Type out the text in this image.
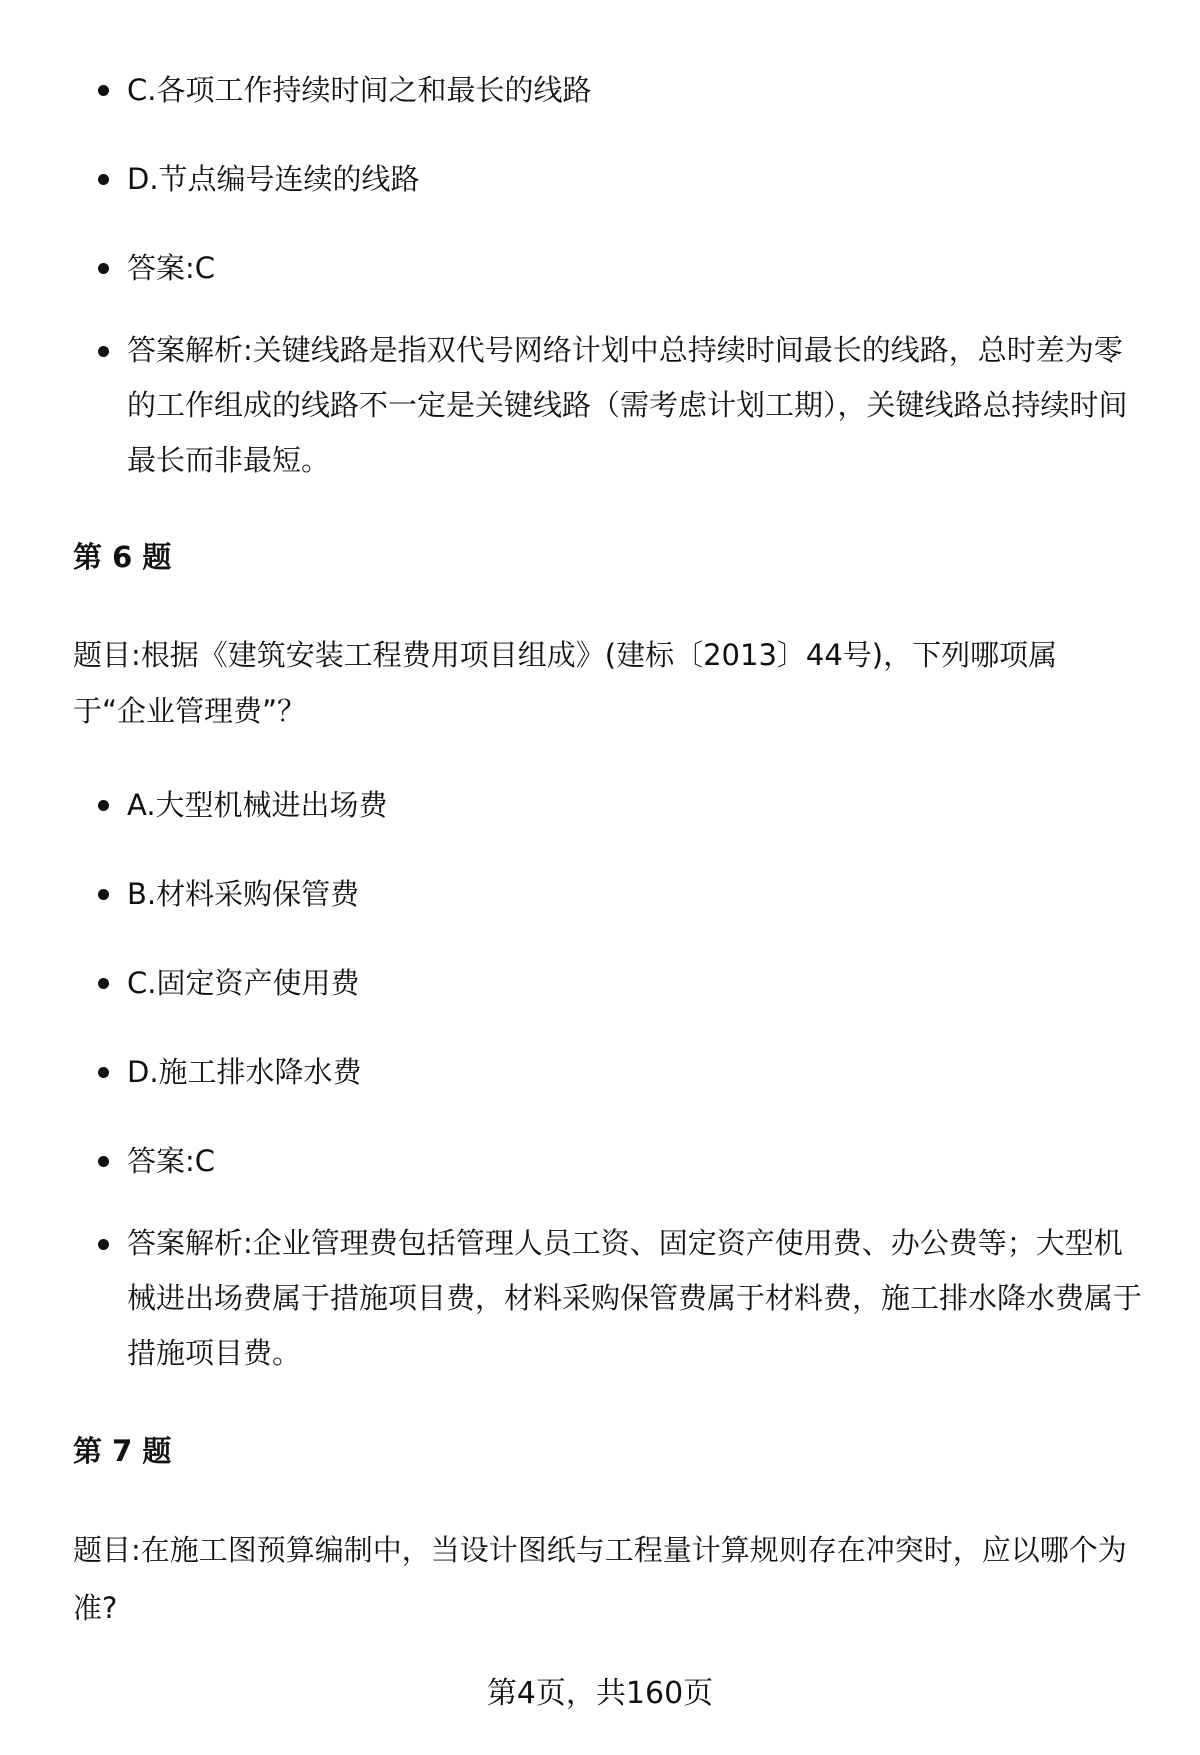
C.各项工作持续时间之和最长的线路
D.节点编号连续的线路
答案:C
答案解析:关键线路是指双代号网络计划中总持续时间最长的线路，总时差为零的工作组成的线路不一定是关键线路（需考虑计划工期），关键线路总持续时间最长而非最短。
第 6 题
题目:根据《建筑安装工程费用项目组成》(建标〔2013〕44号)，下列哪项属
于“企业管理费”？
A.大型机械进出场费
B.材料采购保管费
C.固定资产使用费
D.施工排水降水费
答案:C
答案解析:企业管理费包括管理人员工资、固定资产使用费、办公费等；大型机械进出场费属于措施项目费，材料采购保管费属于材料费，施工排水降水费属于措施项目费。
第 7 题
题目:在施工图预算编制中，当设计图纸与工程量计算规则存在冲突时，应以哪个为准?
第4页，共160页
